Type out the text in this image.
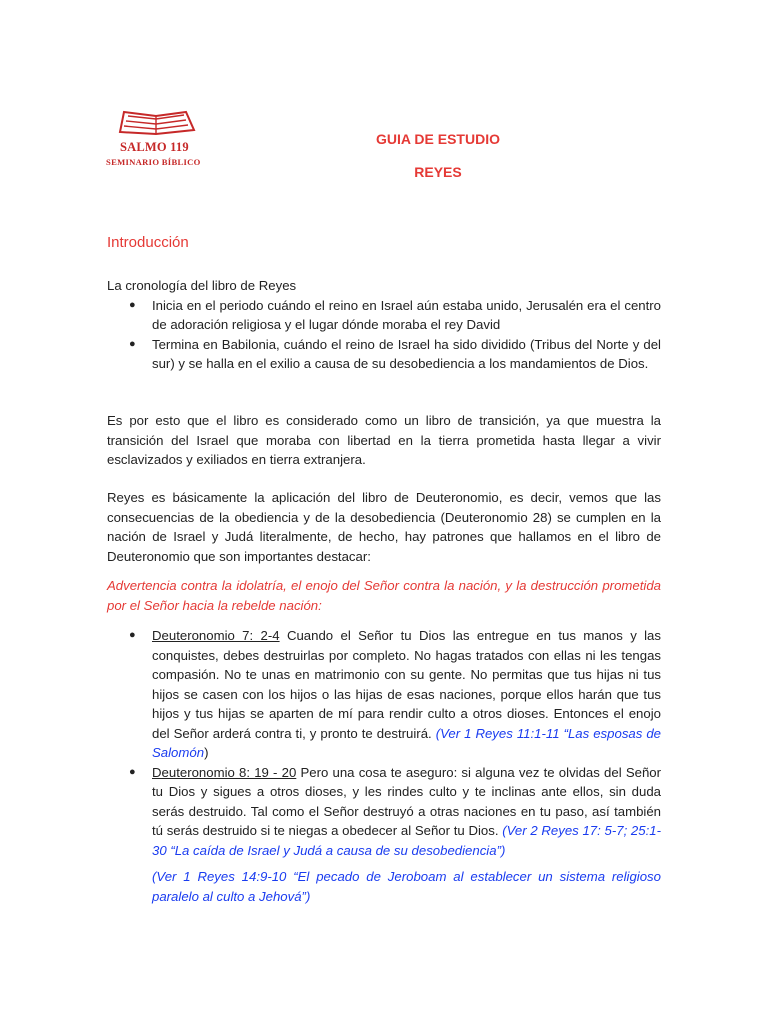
SALMO 119
SEMINARIO BÍBLICO
GUIA DE ESTUDIO
REYES
Introducción
La cronología del libro de Reyes
● Inicia en el periodo cuándo el reino en Israel aún estaba unido, Jerusalén era el centro de adoración religiosa y el lugar dónde moraba el rey David
● Termina en Babilonia, cuándo el reino de Israel ha sido dividido (Tribus del Norte y del sur) y se halla en el exilio a causa de su desobediencia a los mandamientos de Dios.
Es por esto que el libro es considerado como un libro de transición, ya que muestra la transición del Israel que moraba con libertad en la tierra prometida hasta llegar a vivir esclavizados y exiliados en tierra extranjera.
Reyes es básicamente la aplicación del libro de Deuteronomio, es decir, vemos que las consecuencias de la obediencia y de la desobediencia (Deuteronomio 28) se cumplen en la nación de Israel y Judá literalmente, de hecho, hay patrones que hallamos en el libro de Deuteronomio que son importantes destacar:
Advertencia contra la idolatría, el enojo del Señor contra la nación, y la destrucción prometida por el Señor hacia la rebelde nación:
● Deuteronomio 7: 2-4 Cuando el Señor tu Dios las entregue en tus manos y las conquistes, debes destruirlas por completo. No hagas tratados con ellas ni les tengas compasión. No te unas en matrimonio con su gente. No permitas que tus hijas ni tus hijos se casen con los hijos o las hijas de esas naciones, porque ellos harán que tus hijos y tus hijas se aparten de mí para rendir culto a otros dioses. Entonces el enojo del Señor arderá contra ti, y pronto te destruirá. (Ver 1 Reyes 11:1-11 “Las esposas de Salomón)
● Deuteronomio 8: 19 - 20 Pero una cosa te aseguro: si alguna vez te olvidas del Señor tu Dios y sigues a otros dioses, y les rindes culto y te inclinas ante ellos, sin duda serás destruido. Tal como el Señor destruyó a otras naciones en tu paso, así también tú serás destruido si te niegas a obedecer al Señor tu Dios. (Ver 2 Reyes 17: 5-7; 25:1-30 “La caída de Israel y Judá a causa de su desobediencia”)
(Ver 1 Reyes 14:9-10 “El pecado de Jeroboam al establecer un sistema religioso paralelo al culto a Jehová”)
